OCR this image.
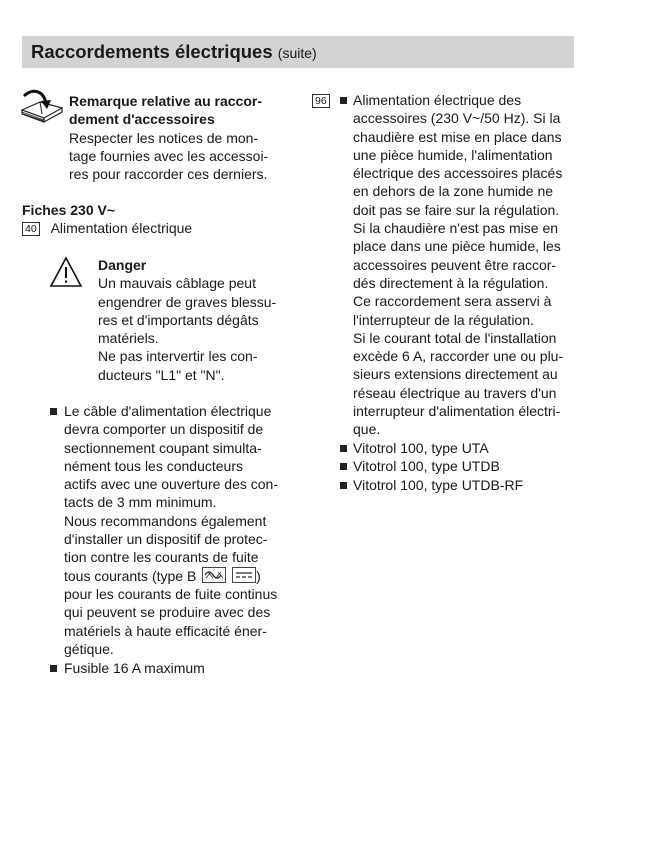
Raccordements électriques (suite)
Remarque relative au raccor-
dement d'accessoires
Respecter les notices de mon-
tage fournies avec les accessoi-
res pour raccorder ces derniers.
Fiches 230 V~
40 Alimentation électrique
Danger
Un mauvais câblage peut
engendrer de graves blessu-
res et d'importants dégâts
matériels.
Ne pas intervertir les con-
ducteurs "L1" et "N".
Le câble d'alimentation électrique
devra comporter un dispositif de
sectionnement coupant simulta-
nément tous les conducteurs
actifs avec une ouverture des con-
tacts de 3 mm minimum.
Nous recommandons également
d'installer un dispositif de protec-
tion contre les courants de fuite
tous courants (type B	)
pour les courants de fuite continus
qui peuvent se produire avec des
matériels à haute efficacité éner-
gétique.
Fusible 16 A maximum
96 Alimentation électrique des
accessoires (230 V~/50 Hz). Si la
chaudière est mise en place dans
une pièce humide, l'alimentation
électrique des accessoires placés
en dehors de la zone humide ne
doit pas se faire sur la régulation.
Si la chaudière n'est pas mise en
place dans une pièce humide, les
accessoires peuvent être raccor-
dés directement à la régulation.
Ce raccordement sera asservi à
l'interrupteur de la régulation.
Si le courant total de l'installation
excède 6 A, raccorder une ou plu-
sieurs extensions directement au
réseau électrique au travers d'un
interrupteur d'alimentation électri-
que.
Vitotrol 100, type UTA
Vitotrol 100, type UTDB
Vitotrol 100, type UTDB-RF
